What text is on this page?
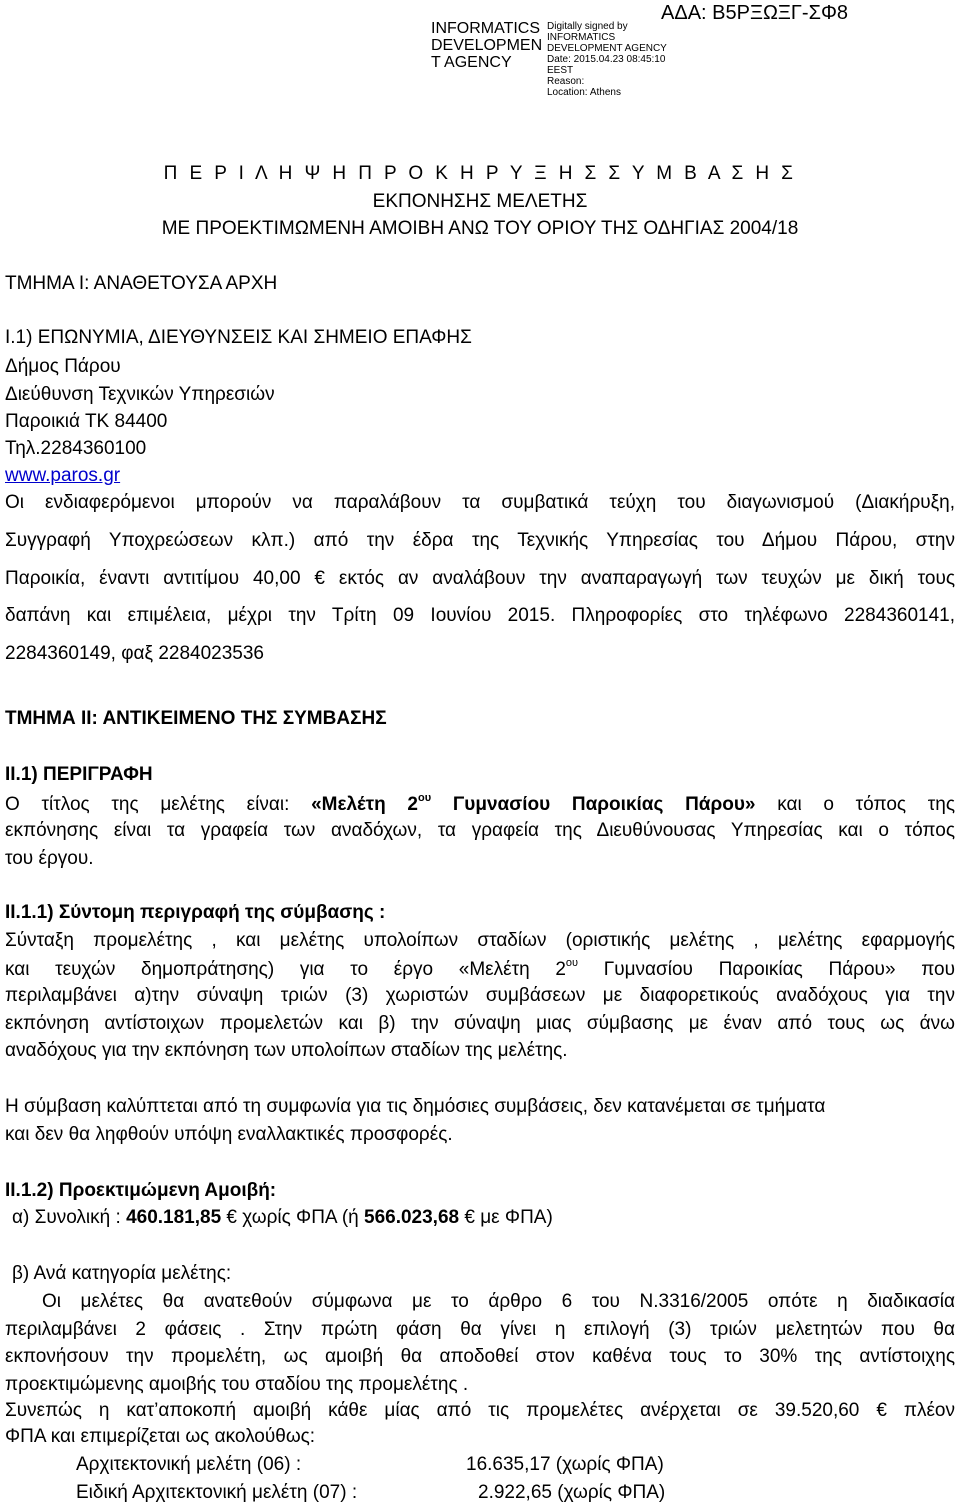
INFORMATICS DEVELOPMEN T AGENCY
Digitally signed by
INFORMATICS
DEVELOPMENT AGENCY
Date: 2015.04.23 08:45:10
EEST
Reason:
Location: Athens
ΑΔΑ: Β5ΡΞΩΞΓ-ΣΦ8
Π Ε Ρ Ι Λ Η Ψ Η Π Ρ Ο Κ Η Ρ Υ Ξ Η Σ Σ Υ Μ Β Α Σ Η Σ
ΕΚΠΟΝΗΣΗΣ ΜΕΛΕΤΗΣ
ΜΕ ΠΡΟΕΚΤΙΜΩΜΕΝΗ ΑΜΟΙΒΗ ΑΝΩ ΤΟΥ ΟΡΙΟΥ ΤΗΣ ΟΔΗΓΙΑΣ 2004/18
ΤΜΗΜΑ Ι: ΑΝΑΘΕΤΟΥΣΑ ΑΡΧΗ
Ι.1) ΕΠΩΝΥΜΙΑ, ΔΙΕΥΘΥΝΣΕΙΣ ΚΑΙ ΣΗΜΕΙΟ ΕΠΑΦΗΣ
Δήμος Πάρου
Διεύθυνση Τεχνικών Υπηρεσιών
Παροικιά ΤΚ 84400
Τηλ.2284360100
www.paros.gr
Οι ενδιαφερόμενοι μπορούν να παραλάβουν τα συμβατικά τεύχη του διαγωνισμού (Διακήρυξη,
Συγγραφή Υποχρεώσεων κλπ.) από την έδρα της Τεχνικής Υπηρεσίας του Δήμου Πάρου, στην
Παροικία, έναντι αντιτίμου 40,00 € εκτός αν αναλάβουν την αναπαραγωγή των τευχών με δική τους
δαπάνη και επιμέλεια, μέχρι την Τρίτη 09 Ιουνίου 2015. Πληροφορίες στο τηλέφωνο 2284360141,
2284360149, φαξ 2284023536
ΤΜΗΜΑ ΙΙ: ΑΝΤΙΚΕΙΜΕΝΟ ΤΗΣ ΣΥΜΒΑΣΗΣ
ΙΙ.1) ΠΕΡΙΓΡΑΦΗ
Ο τίτλος της μελέτης είναι: «Μελέτη $2^{o\upsilon}$ Γυμνασίου Παροικίας Πάρου» και ο τόπος της
εκπόνησης είναι τα γραφεία των αναδόχων, τα γραφεία της Διευθύνουσας Υπηρεσίας και ο τόπος
του έργου.
ΙΙ.1.1) Σύντομη περιγραφή της σύμβασης :
Σύνταξη προμελέτης , και μελέτης υπολοίπων σταδίων (οριστικής μελέτης , μελέτης εφαρμογής
και τευχών δημοπράτησης) για το έργο «Μελέτη $2^{o\upsilon}$ Γυμνασίου Παροικίας Πάρου» που
περιλαμβάνει α)την σύναψη τριών (3) χωριστών συμβάσεων με διαφορετικούς αναδόχους για την
εκπόνηση αντίστοιχων προμελετών και β) την σύναψη μιας σύμβασης με έναν από τους ως άνω
αναδόχους για την εκπόνηση των υπολοίπων σταδίων της μελέτης.
Η σύμβαση καλύπτεται από τη συμφωνία για τις δημόσιες συμβάσεις, δεν κατανέμεται σε τμήματα
και δεν θα ληφθούν υπόψη εναλλακτικές προσφορές.
ΙΙ.1.2) Προεκτιμώμενη Αμοιβή:
α) Συνολική : 460.181,85 € χωρίς ΦΠΑ (ή 566.023,68 € με ΦΠΑ)
β) Ανά κατηγορία μελέτης:
Οι μελέτες θα ανατεθούν σύμφωνα με το άρθρο 6 του Ν.3316/2005 οπότε η διαδικασία
περιλαμβάνει 2 φάσεις . Στην πρώτη φάση θα γίνει η επιλογή (3) τριών μελετητών που θα
εκπονήσουν την προμελέτη, ως αμοιβή θα αποδοθεί στον καθένα τους το 30% της αντίστοιχης
προεκτιμώμενης αμοιβής του σταδίου της προμελέτης .
Συνεπώς η κατ’αποκοπή αμοιβή κάθε μίας από τις προμελέτες ανέρχεται σε 39.520,60 € πλέον
ΦΠΑ και επιμερίζεται ως ακολούθως:
Αρχιτεκτονική μελέτη (06) :	16.635,17 (χωρίς ΦΠΑ)
Ειδική Αρχιτεκτονική μελέτη (07) :	2.922,65 (χωρίς ΦΠΑ)
